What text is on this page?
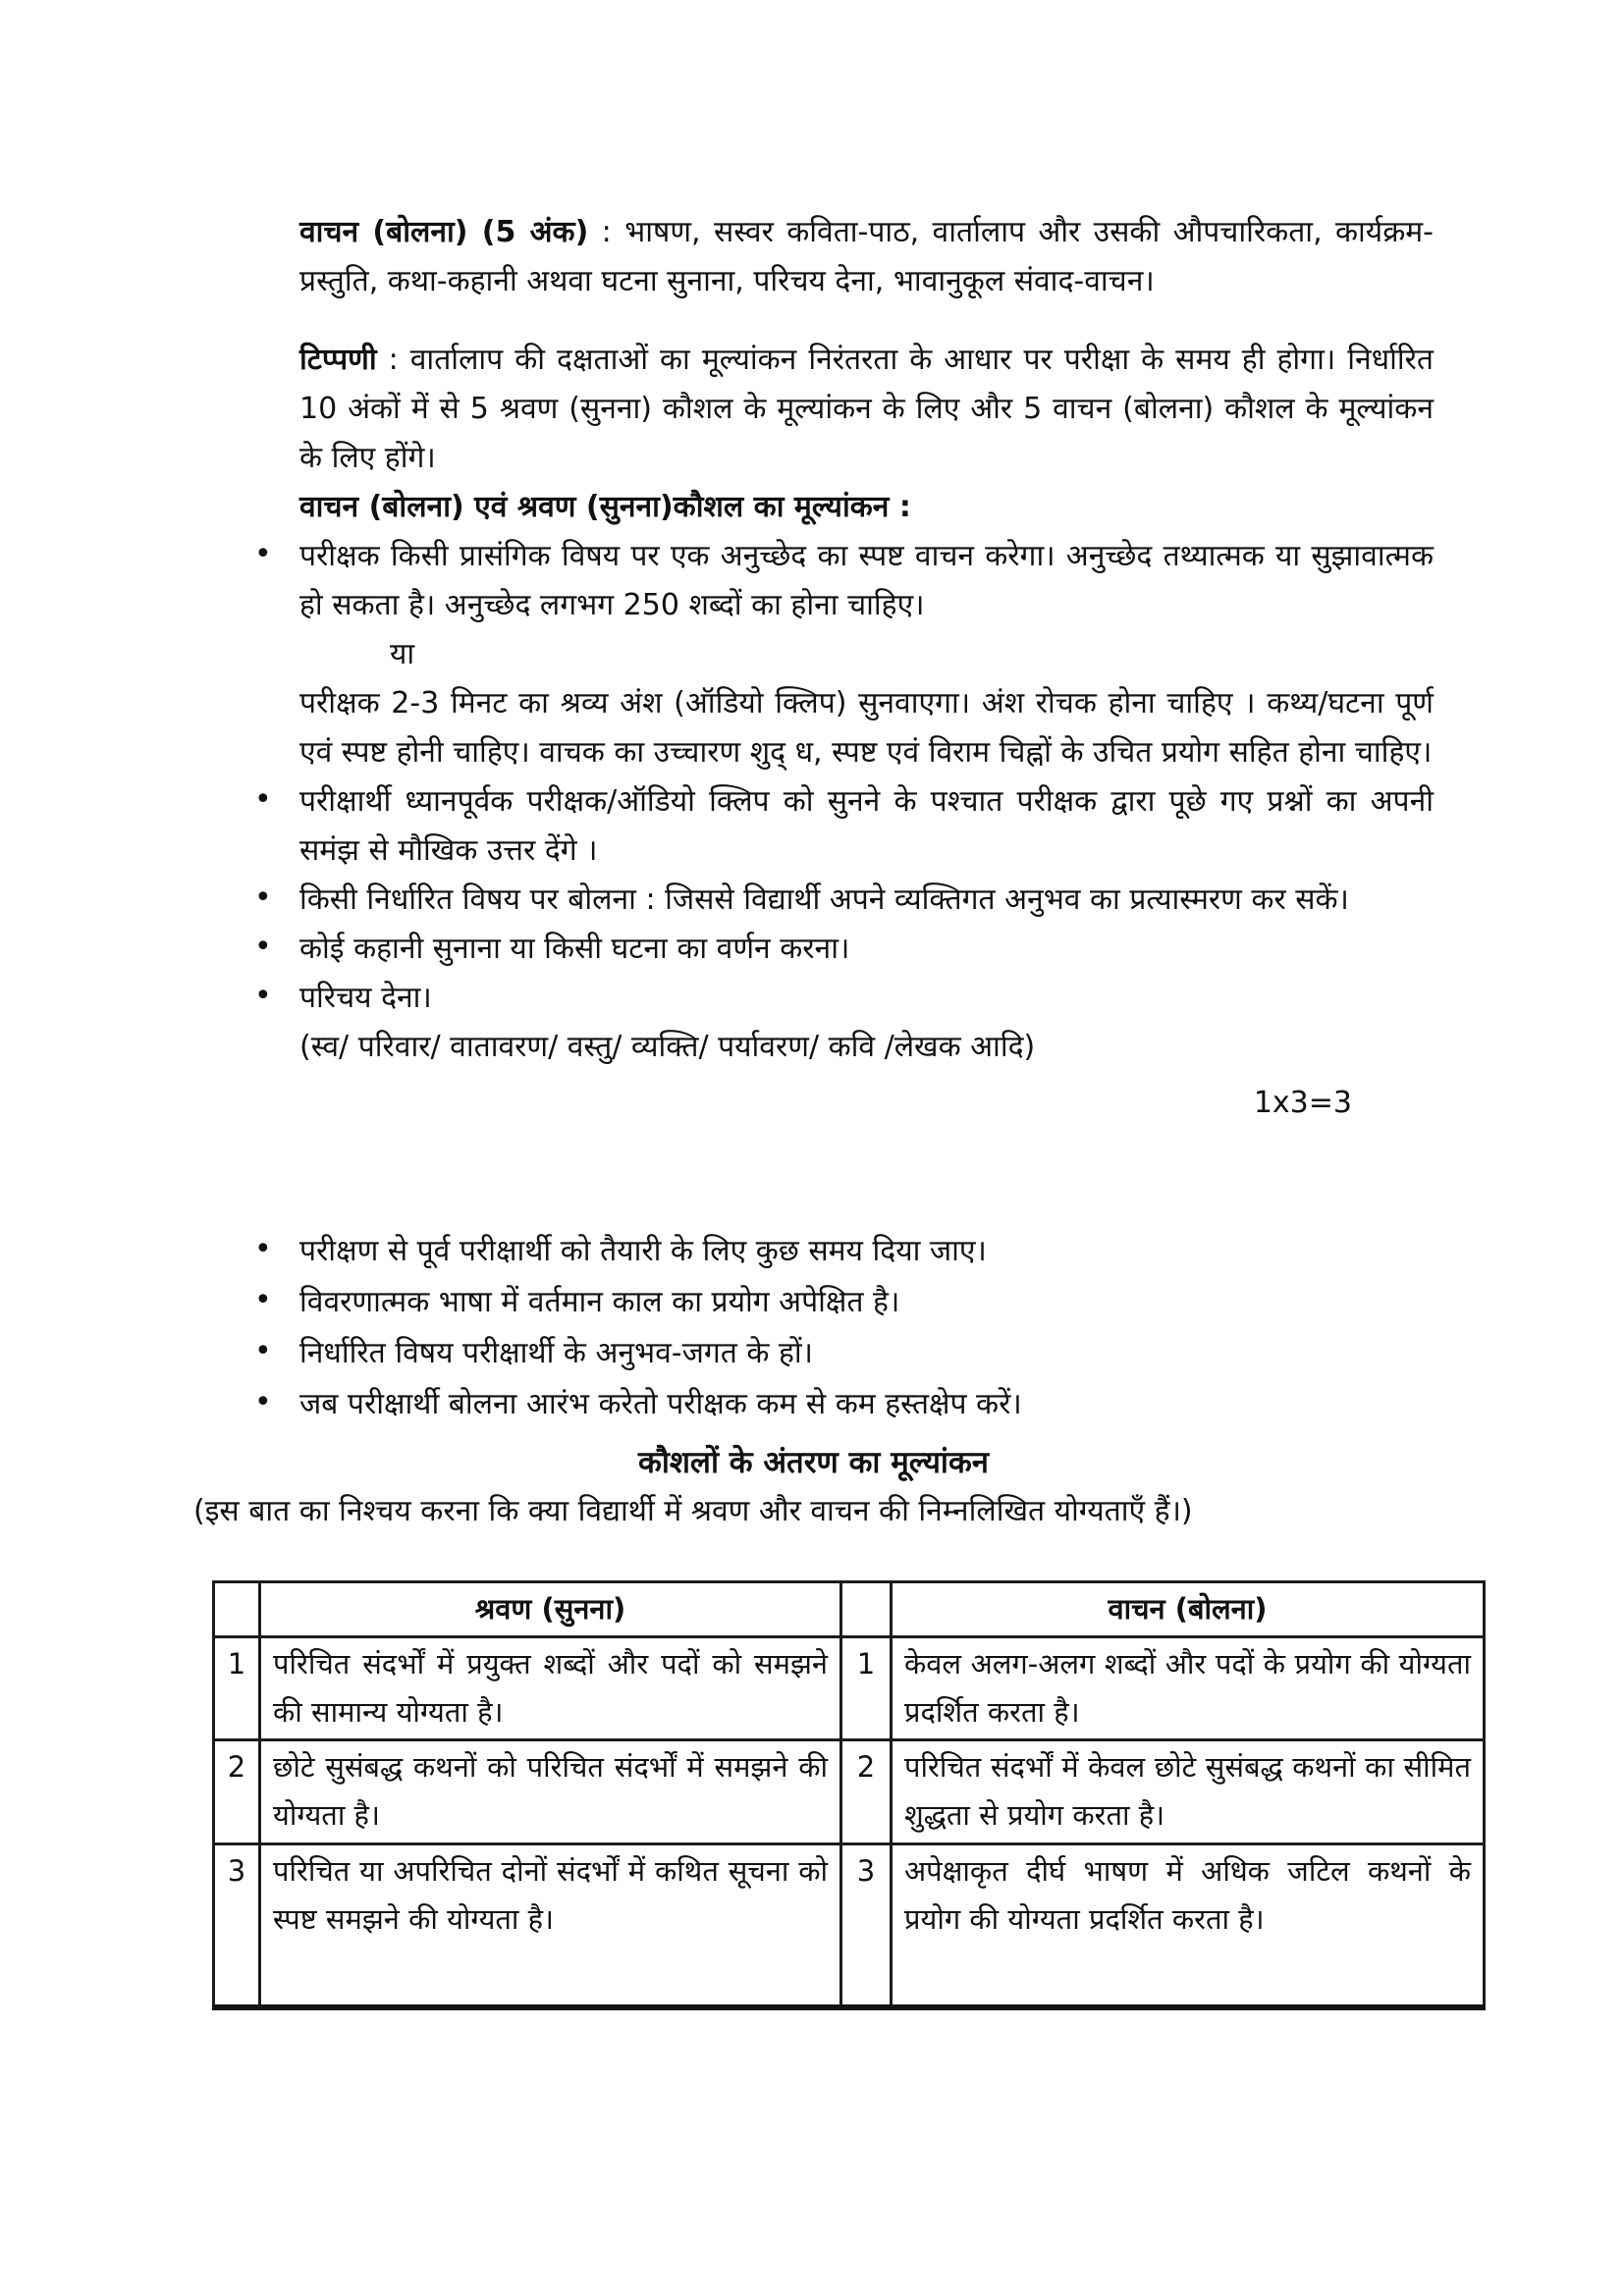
वाचन (बोलना) (5 अंक) : भाषण, सस्वर कविता-पाठ, वार्तालाप और उसकी औपचारिकता, कार्यक्रम-प्रस्तुति, कथा-कहानी अथवा घटना सुनाना, परिचय देना, भावानुकूल संवाद-वाचन।

टिप्पणी : वार्तालाप की दक्षताओं का मूल्यांकन निरंतरता के आधार पर परीक्षा के समय ही होगा। निर्धारित 10 अंकों में से 5 श्रवण (सुनना) कौशल के मूल्यांकन के लिए और 5 वाचन (बोलना) कौशल के मूल्यांकन के लिए होंगे।

वाचन (बोलना) एवं श्रवण (सुनना)कौशल का मूल्यांकन :

• परीक्षक किसी प्रासंगिक विषय पर एक अनुच्छेद का स्पष्ट वाचन करेगा। अनुच्छेद तथ्यात्मक या सुझावात्मक हो सकता है। अनुच्छेद लगभग 250 शब्दों का होना चाहिए।
या
परीक्षक 2-3 मिनट का श्रव्य अंश (ऑडियो क्लिप) सुनवाएगा। अंश रोचक होना चाहिए । कथ्य/घटना पूर्ण एवं स्पष्ट होनी चाहिए। वाचक का उच्चारण शुद् ध, स्पष्ट एवं विराम चिह्नों के उचित प्रयोग सहित होना चाहिए।
• परीक्षार्थी ध्यानपूर्वक परीक्षक/ऑडियो क्लिप को सुनने के पश्चात परीक्षक द्वारा पूछे गए प्रश्नों का अपनी समंझ से मौखिक उत्तर देंगे ।
• किसी निर्धारित विषय पर बोलना : जिससे विद्यार्थी अपने व्यक्तिगत अनुभव का प्रत्यास्मरण कर सकें।
• कोई कहानी सुनाना या किसी घटना का वर्णन करना।
• परिचय देना।
(स्व/ परिवार/ वातावरण/ वस्तु/ व्यक्ति/ पर्यावरण/ कवि /लेखक आदि)
1x3=3
• परीक्षण से पूर्व परीक्षार्थी को तैयारी के लिए कुछ समय दिया जाए।
• विवरणात्मक भाषा में वर्तमान काल का प्रयोग अपेक्षित है।
• निर्धारित विषय परीक्षार्थी के अनुभव-जगत के हों।
• जब परीक्षार्थी बोलना आरंभ करेतो परीक्षक कम से कम हस्तक्षेप करें।
कौशलों के अंतरण का मूल्यांकन

(इस बात का निश्चय करना कि क्या विद्यार्थी में श्रवण और वाचन की निम्नलिखित योग्यताएँ हैं।)

	श्रवण (सुनना)		वाचन (बोलना)
1	परिचित संदर्भों में प्रयुक्त शब्दों और पदों को समझने की सामान्य योग्यता है।	1	केवल अलग-अलग शब्दों और पदों के प्रयोग की योग्यता प्रदर्शित करता है।
2	छोटे सुसंबद्ध कथनों को परिचित संदर्भों में समझने की योग्यता है।	2	परिचित संदर्भों में केवल छोटे सुसंबद्ध कथनों का सीमित शुद्धता से प्रयोग करता है।
3	परिचित या अपरिचित दोनों संदर्भों में कथित सूचना को स्पष्ट समझने की योग्यता है।	3	अपेक्षाकृत दीर्घ भाषण में अधिक जटिल कथनों के प्रयोग की योग्यता प्रदर्शित करता है।
